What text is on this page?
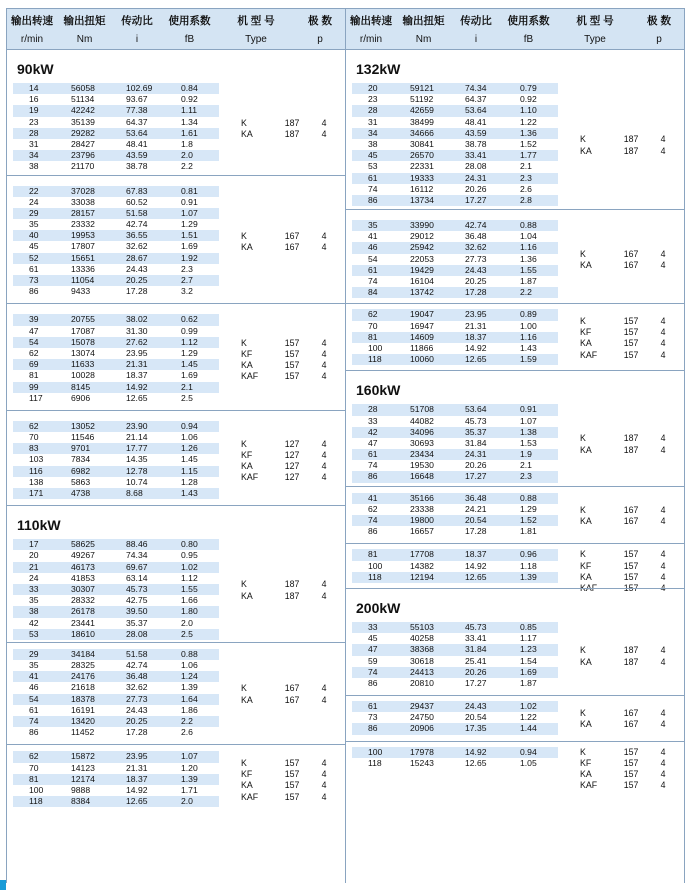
输出转速	输出扭矩	传动比	使用系数	机 型 号	极 数
r/min	Nm	i	fB	Type	p
90kW
14	56058	102.69	0.84
16	51134	93.67	0.92
19	42242	77.38	1.11
23	35139	64.37	1.34
28	29282	53.64	1.61
31	28427	48.41	1.8
34	23796	43.59	2.0
38	21170	38.78	2.2
K	187	4
KA	187	4
22	37028	67.83	0.81
24	33038	60.52	0.91
29	28157	51.58	1.07
35	23332	42.74	1.29
40	19953	36.55	1.51
45	17807	32.62	1.69
52	15651	28.67	1.92
61	13336	24.43	2.3
73	11054	20.25	2.7
86	9433	17.28	3.2
K	167	4
KA	167	4
39	20755	38.02	0.62
47	17087	31.30	0.99
54	15078	27.62	1.12
62	13074	23.95	1.29
69	11633	21.31	1.45
81	10028	18.37	1.69
99	8145	14.92	2.1
117	6906	12.65	2.5
K	157	4
KF	157	4
KA	157	4
KAF	157	4
62	13052	23.90	0.94
70	11546	21.14	1.06
83	9701	17.77	1.26
103	7834	14.35	1.45
116	6982	12.78	1.15
138	5863	10.74	1.28
171	4738	8.68	1.43
K	127	4
KF	127	4
KA	127	4
KAF	127	4
110kW
17	58625	88.46	0.80
20	49267	74.34	0.95
21	46173	69.67	1.02
24	41853	63.14	1.12
33	30307	45.73	1.55
35	28332	42.75	1.66
38	26178	39.50	1.80
42	23441	35.37	2.0
53	18610	28.08	2.5
K	187	4
KA	187	4
29	34184	51.58	0.88
35	28325	42.74	1.06
41	24176	36.48	1.24
46	21618	32.62	1.39
54	18378	27.73	1.64
61	16191	24.43	1.86
74	13420	20.25	2.2
86	11452	17.28	2.6
K	167	4
KA	167	4
62	15872	23.95	1.07
70	14123	21.31	1.20
81	12174	18.37	1.39
100	9888	14.92	1.71
118	8384	12.65	2.0
K	157	4
KF	157	4
KA	157	4
KAF	157	4
输出转速	输出扭矩	传动比	使用系数	机 型 号	极 数
r/min	Nm	i	fB	Type	p
132kW
20	59121	74.34	0.79
23	51192	64.37	0.92
28	42659	53.64	1.10
31	38499	48.41	1.22
34	34666	43.59	1.36
38	30841	38.78	1.52
45	26570	33.41	1.77
53	22331	28.08	2.1
61	19333	24.31	2.3
74	16112	20.26	2.6
86	13734	17.27	2.8
K	187	4
KA	187	4
35	33990	42.74	0.88
41	29012	36.48	1.04
46	25942	32.62	1.16
54	22053	27.73	1.36
61	19429	24.43	1.55
74	16104	20.25	1.87
84	13742	17.28	2.2
K	167	4
KA	167	4
62	19047	23.95	0.89
70	16947	21.31	1.00
81	14609	18.37	1.16
100	11866	14.92	1.43
118	10060	12.65	1.59
K	157	4
KF	157	4
KA	157	4
KAF	157	4
160kW
28	51708	53.64	0.91
33	44082	45.73	1.07
42	34096	35.37	1.38
47	30693	31.84	1.53
61	23434	24.31	1.9
74	19530	20.26	2.1
86	16648	17.27	2.3
K	187	4
KA	187	4
41	35166	36.48	0.88
62	23338	24.21	1.29
74	19800	20.54	1.52
86	16657	17.28	1.81
K	167	4
KA	167	4
81	17708	18.37	0.96
100	14382	14.92	1.18
118	12194	12.65	1.39
K	157	4
KF	157	4
KA	157	4
KAF	157	4
200kW
33	55103	45.73	0.85
45	40258	33.41	1.17
47	38368	31.84	1.23
59	30618	25.41	1.54
74	24413	20.26	1.69
86	20810	17.27	1.87
K	187	4
KA	187	4
61	29437	24.43	1.02
73	24750	20.54	1.22
86	20906	17.35	1.44
K	167	4
KA	167	4
100	17978	14.92	0.94
118	15243	12.65	1.05
K	157	4
KF	157	4
KA	157	4
KAF	157	4
